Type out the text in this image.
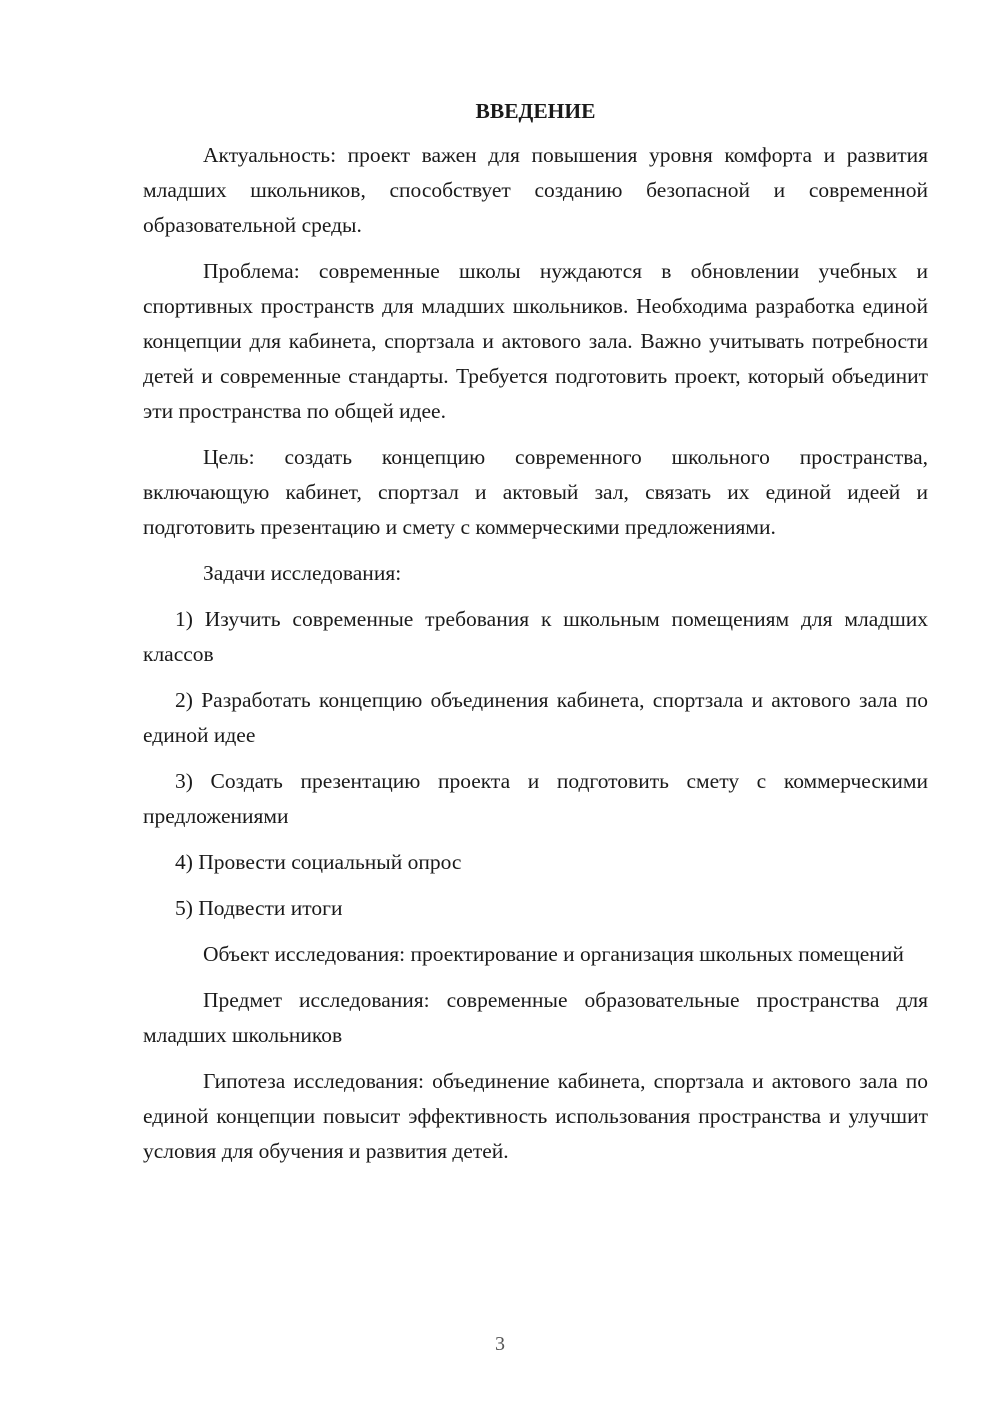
ВВЕДЕНИЕ

Актуальность: проект важен для повышения уровня комфорта и развития младших школьников, способствует созданию безопасной и современной образовательной среды.

Проблема: современные школы нуждаются в обновлении учебных и спортивных пространств для младших школьников. Необходима разработка единой концепции для кабинета, спортзала и актового зала. Важно учитывать потребности детей и современные стандарты. Требуется подготовить проект, который объединит эти пространства по общей идее.

Цель: создать концепцию современного школьного пространства, включающую кабинет, спортзал и актовый зал, связать их единой идеей и подготовить презентацию и смету с коммерческими предложениями.

Задачи исследования:

1) Изучить современные требования к школьным помещениям для младших классов

2) Разработать концепцию объединения кабинета, спортзала и актового зала по единой идее

3) Создать презентацию проекта и подготовить смету с коммерческими предложениями

4) Провести социальный опрос

5) Подвести итоги

Объект исследования: проектирование и организация школьных помещений

Предмет исследования: современные образовательные пространства для младших школьников

Гипотеза исследования: объединение кабинета, спортзала и актового зала по единой концепции повысит эффективность использования пространства и улучшит условия для обучения и развития детей.

3
